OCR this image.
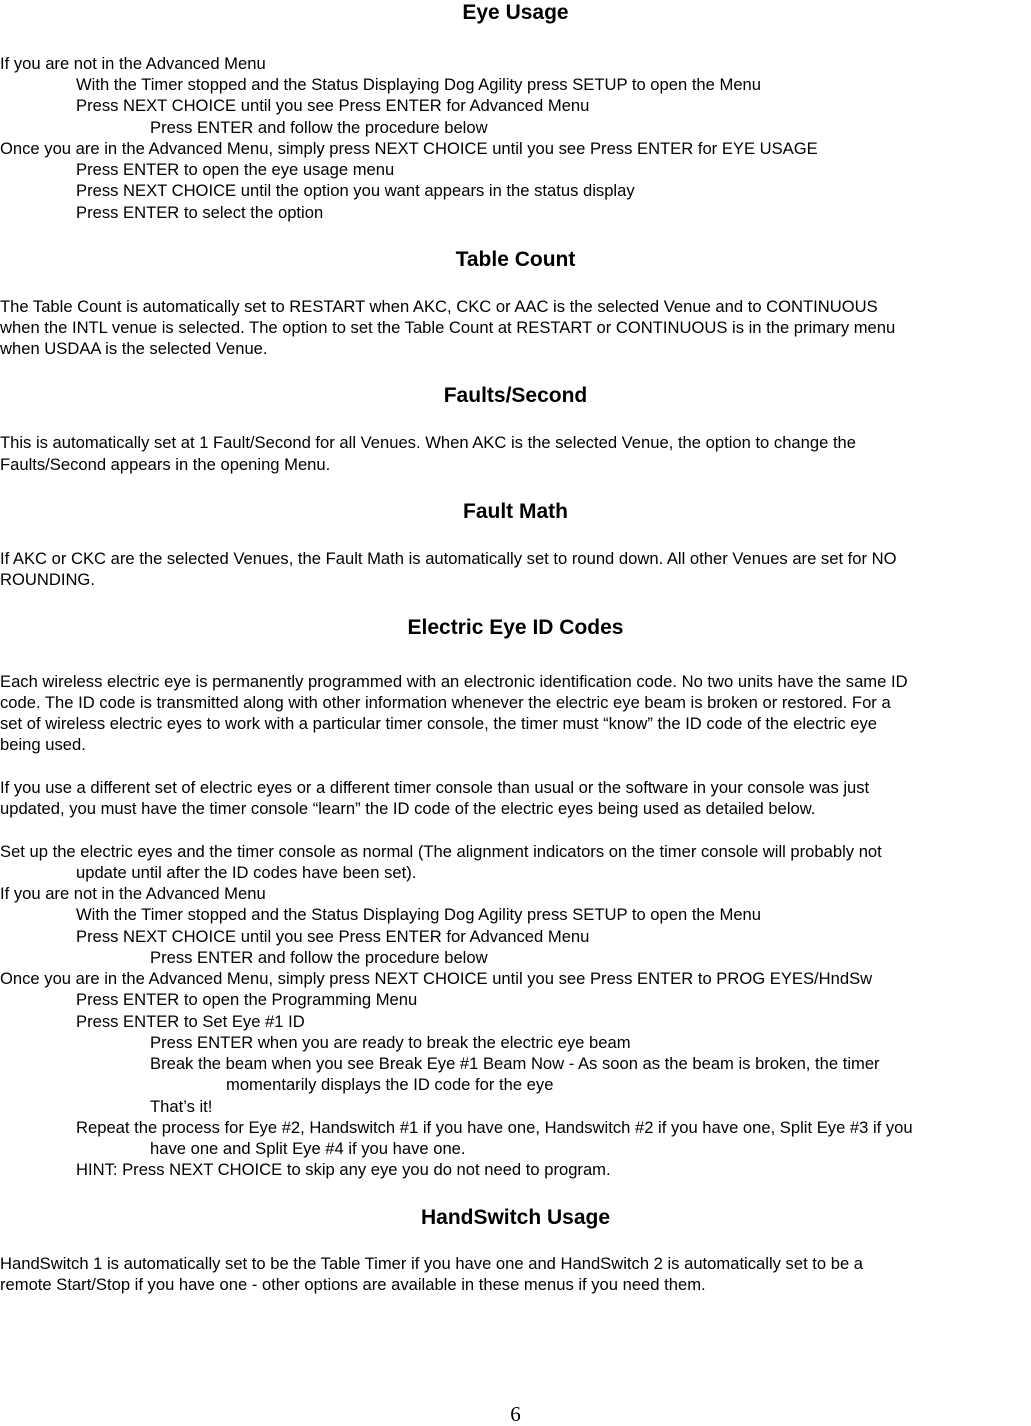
Eye Usage
If you are not in the Advanced Menu
With the Timer stopped and the Status Displaying Dog Agility press SETUP to open the Menu
Press NEXT CHOICE until you see Press ENTER for Advanced Menu
Press ENTER and follow the procedure below
Once you are in the Advanced Menu, simply press NEXT CHOICE until you see Press ENTER for EYE USAGE
Press ENTER to open the eye usage menu
Press NEXT CHOICE until the option you want appears in the status display
Press ENTER to select the option
Table Count
The Table Count is automatically set to RESTART when AKC, CKC or AAC is the selected Venue and to CONTINUOUS
when the INTL venue is selected. The option to set the Table Count at RESTART or CONTINUOUS is in the primary menu
when USDAA is the selected Venue.
Faults/Second
This is automatically set at 1 Fault/Second for all Venues. When AKC is the selected Venue, the option to change the
Faults/Second appears in the opening Menu.
Fault Math
If AKC or CKC are the selected Venues, the Fault Math is automatically set to round down. All other Venues are set for NO
ROUNDING.
Electric Eye ID Codes
Each wireless electric eye is permanently programmed with an electronic identification code. No two units have the same ID
code. The ID code is transmitted along with other information whenever the electric eye beam is broken or restored. For a
set of wireless electric eyes to work with a particular timer console, the timer must “know” the ID code of the electric eye
being used.
If you use a different set of electric eyes or a different timer console than usual or the software in your console was just
updated, you must have the timer console “learn” the ID code of the electric eyes being used as detailed below.
Set up the electric eyes and the timer console as normal (The alignment indicators on the timer console will probably not
update until after the ID codes have been set).
If you are not in the Advanced Menu
With the Timer stopped and the Status Displaying Dog Agility press SETUP to open the Menu
Press NEXT CHOICE until you see Press ENTER for Advanced Menu
Press ENTER and follow the procedure below
Once you are in the Advanced Menu, simply press NEXT CHOICE until you see Press ENTER to PROG EYES/HndSw
Press ENTER to open the Programming Menu
Press ENTER to Set Eye #1 ID
Press ENTER when you are ready to break the electric eye beam
Break the beam when you see Break Eye #1 Beam Now - As soon as the beam is broken, the timer
momentarily displays the ID code for the eye
That’s it!
Repeat the process for Eye #2, Handswitch #1 if you have one, Handswitch #2 if you have one, Split Eye #3 if you
have one and Split Eye #4 if you have one.
HINT: Press NEXT CHOICE to skip any eye you do not need to program.
HandSwitch Usage
HandSwitch 1 is automatically set to be the Table Timer if you have one and HandSwitch 2 is automatically set to be a
remote Start/Stop if you have one - other options are available in these menus if you need them.
6
